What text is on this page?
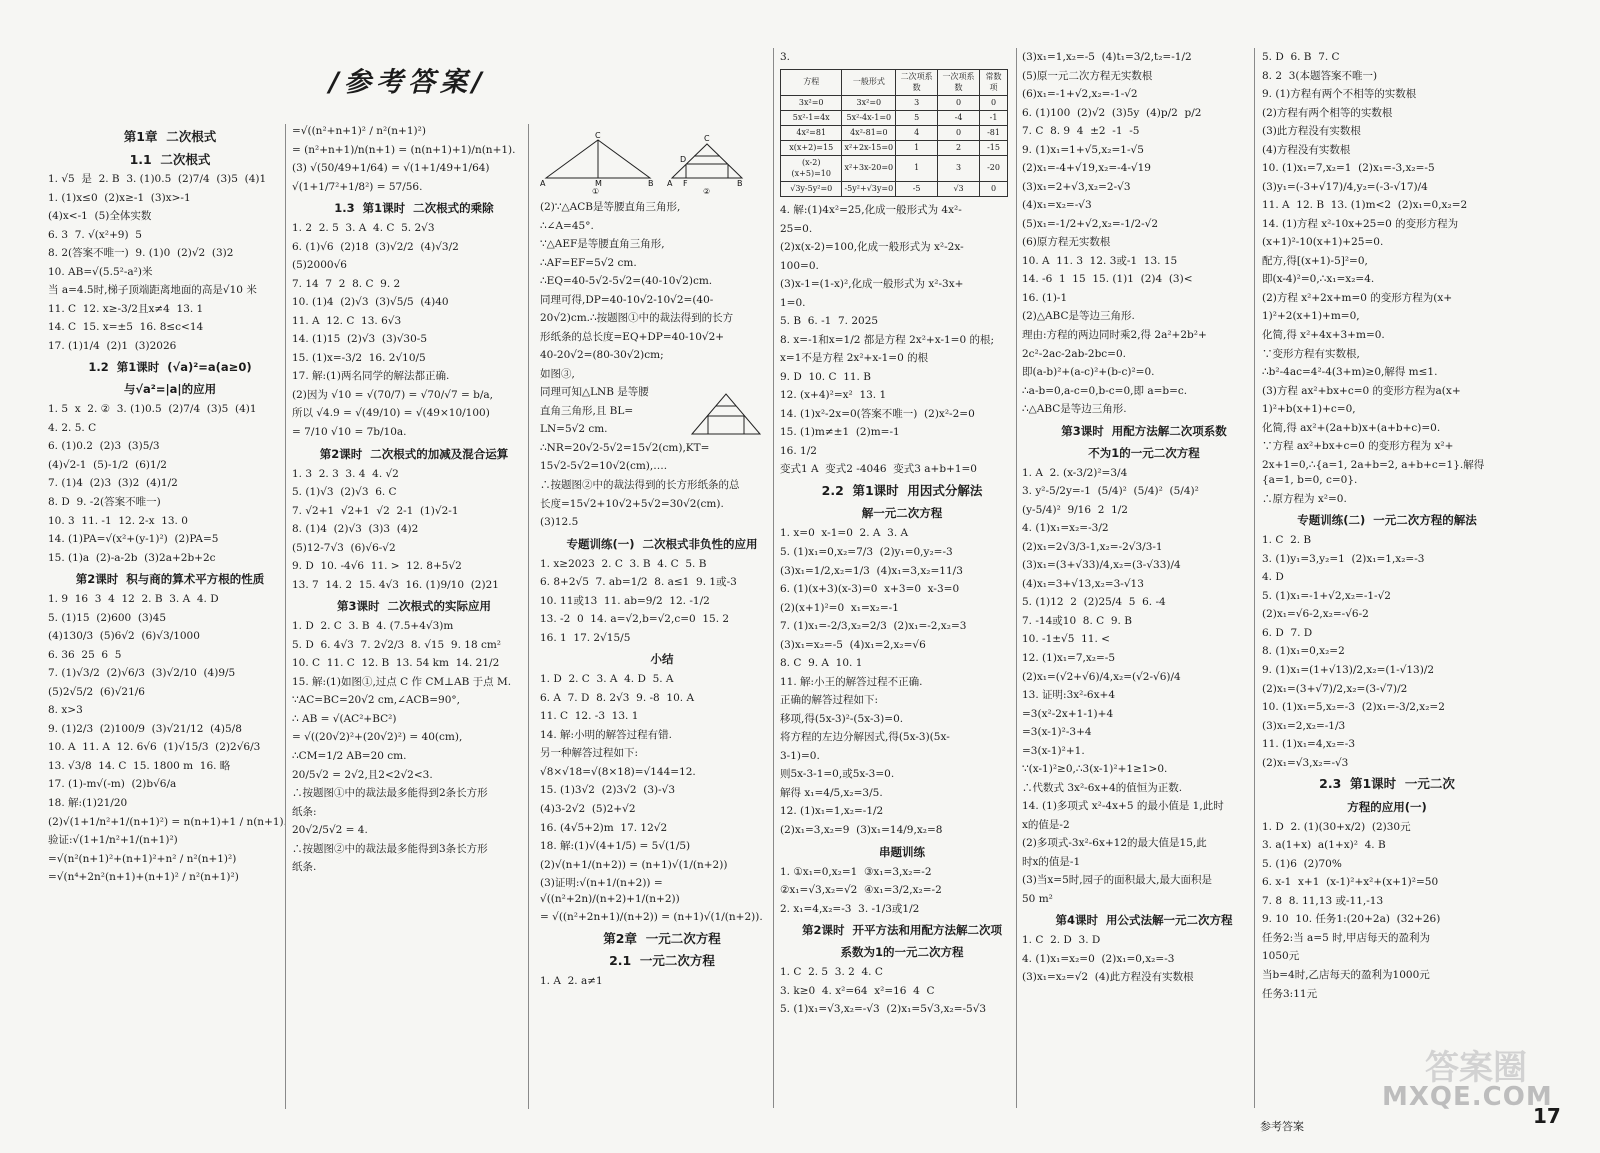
/参考答案/

第1章  二次根式

1.1  二次根式

1. √5  是  2. B  3. (1)0.5  (2)7/4  (3)5  (4)1

1. (1)x≤0  (2)x≥-1  (3)x>-1

(4)x<-1  (5)全体实数

6. 3  7. √(x²+9)  5

8. 2(答案不唯一)  9. (1)0  (2)√2  (3)2

10. AB=√(5.5²-a²)米

当 a=4.5时,梯子顶端距离地面的高是√10 米

11. C  12. x≥-3/2且x≠4  13. 1

14. C  15. x=±5  16. 8≤c<14

17. (1)1/4  (2)1  (3)2026

1.2  第1课时  (√a)²=a(a≥0)

与√a²=|a|的应用

1. 5  x  2. ②  3. (1)0.5  (2)7/4  (3)5  (4)1

4. 2. 5. C

6. (1)0.2  (2)3  (3)5/3

(4)√2-1  (5)-1/2  (6)1/2

7. (1)4  (2)3  (3)2  (4)1/2

8. D  9. -2(答案不唯一)

10. 3  11. -1  12. 2-x  13. 0

14. (1)PA=√(x²+(y-1)²)  (2)PA=5

15. (1)a  (2)-a-2b  (3)2a+2b+2c

第2课时  积与商的算术平方根的性质

1. 9  16  3  4  12  2. B  3. A  4. D

5. (1)15  (2)600  (3)45

(4)130/3  (5)6√2  (6)√3/1000

6. 36  25  6  5

7. (1)√3/2  (2)√6/3  (3)√2/10  (4)9/5

(5)2√5/2  (6)√21/6

8. x>3

9. (1)2/3  (2)100/9  (3)√21/12  (4)5/8

10. A  11. A  12. 6√6  (1)√15/3  (2)2√6/3

13. √3/8  14. C  15. 1800 m  16. 略

17. (1)-m√(-m)  (2)b√6/a

18. 解:(1)21/20

(2)√(1+1/n²+1/(n+1)²) = n(n+1)+1 / n(n+1).

验证:√(1+1/n²+1/(n+1)²)

=√(n²(n+1)²+(n+1)²+n² / n²(n+1)²)

=√(n⁴+2n²(n+1)+(n+1)² / n²(n+1)²)

=√((n²+n+1)² / n²(n+1)²)

= (n²+n+1)/n(n+1) = (n(n+1)+1)/n(n+1).

(3) √(50/49+1/64) = √(1+1/49+1/64)

√(1+1/7²+1/8²) = 57/56.

1.3  第1课时  二次根式的乘除

1. 2  2. 5  3. A  4. C  5. 2√3

6. (1)√6  (2)18  (3)√2/2  (4)√3/2

(5)2000√6

7. 14  7  2  8. C  9. 2

10. (1)4  (2)√3  (3)√5/5  (4)40

11. A  12. C  13. 6√3

14. (1)15  (2)√3  (3)√30-5

15. (1)x=-3/2  16. 2√10/5

17. 解:(1)两名同学的解法都正确.

(2)因为 √10 = √(70/7) = √70/√7 = b/a,

所以 √4.9 = √(49/10) = √(49×10/100)

= 7/10 √10 = 7b/10a.

第2课时  二次根式的加减及混合运算

1. 3  2. 3  3. 4  4. √2

5. (1)√3  (2)√3  6. C

7. √2+1  √2+1  √2  2-1  (1)√2-1

8. (1)4  (2)√3  (3)3  (4)2

(5)12-7√3  (6)√6-√2

9. D  10. -4√6  11. >  12. 8+5√2

13. 7  14. 2  15. 4√3  16. (1)9/10  (2)21

第3课时  二次根式的实际应用

1. D  2. C  3. B  4. (7.5+4√3)m

5. D  6. 4√3  7. 2√2/3  8. √15  9. 18 cm²

10. C  11. C  12. B  13. 54 km  14. 21/2

15. 解:(1)如图①,过点 C 作 CM⊥AB 于点 M.

∵AC=BC=20√2 cm,∠ACB=90°,

∴ AB = √(AC²+BC²)

= √((20√2)²+(20√2)²) = 40(cm),

∴CM=1/2 AB=20 cm.

20/5√2 = 2√2,且2<2√2<3.

∴按题图①中的裁法最多能得到2条长方形

纸条:

20√2/5√2 = 4.

∴按题图②中的裁法最多能得到3条长方形

纸条.

C
A	M	B
①
C
D
A F	B
②

(2)∵△ACB是等腰直角三角形,

∴∠A=45°.

∵△AEF是等腰直角三角形,

∴AF=EF=5√2 cm.

∴EQ=40-5√2-5√2=(40-10√2)cm.

同理可得,DP=40-10√2-10√2=(40-

20√2)cm.∴按题图①中的裁法得到的长方

形纸条的总长度=EQ+DP=40-10√2+

40-20√2=(80-30√2)cm;

如图③,

同理可知△LNB 是等腰

直角三角形,且 BL=

LN=5√2 cm.

∴NR=20√2-5√2=15√2(cm),KT=

15√2-5√2=10√2(cm),….

∴按题图②中的裁法得到的长方形纸条的总

长度=15√2+10√2+5√2=30√2(cm).

(3)12.5

专题训练(一)  二次根式非负性的应用

1. x≥2023  2. C  3. B  4. C  5. B

6. 8+2√5  7. ab=1/2  8. a≤1  9. 1或-3

10. 11或13  11. ab=9/2  12. -1/2

13. -2  0  14. a=√2,b=√2,c=0  15. 2

16. 1  17. 2√15/5

小结

1. D  2. C  3. A  4. D  5. A

6. A  7. D  8. 2√3  9. -8  10. A

11. C  12. -3  13. 1

14. 解:小明的解答过程有错.

另一种解答过程如下:

√8×√18=√(8×18)=√144=12.

15. (1)3√2  (2)3√2  (3)-√3

(4)3-2√2  (5)2+√2

16. (4√5+2)m  17. 12√2

18. 解:(1)√(4+1/5) = 5√(1/5)

(2)√(n+1/(n+2)) = (n+1)√(1/(n+2))

(3)证明:√(n+1/(n+2)) = √((n²+2n)/(n+2)+1/(n+2))

= √((n²+2n+1)/(n+2)) = (n+1)√(1/(n+2)).

第2章  一元二次方程

2.1  一元二次方程

1. A  2. a≠1

3.

方程	一般形式	二次项系数	一次项系数	常数项
3x²=0	3x²=0	3	0	0
5x²-1=4x	5x²-4x-1=0	5	-4	-1
4x²=81	4x²-81=0	4	0	-81
x(x+2)=15	x²+2x-15=0	1	2	-15
(x-2)(x+5)=10	x²+3x-20=0	1	3	-20
√3y-5y²=0	-5y²+√3y=0	-5	√3	0

4. 解:(1)4x²=25,化成一般形式为 4x²-

25=0.

(2)x(x-2)=100,化成一般形式为 x²-2x-

100=0.

(3)x-1=(1-x)²,化成一般形式为 x²-3x+

1=0.

5. B  6. -1  7. 2025

8. x=-1和x=1/2 都是方程 2x²+x-1=0 的根;

x=1不是方程 2x²+x-1=0 的根

9. D  10. C  11. B

12. (x+4)²=x²  13. 1

14. (1)x²-2x=0(答案不唯一)  (2)x²-2=0

15. (1)m≠±1  (2)m=-1

16. 1/2

变式1 A  变式2 -4046  变式3 a+b+1=0

2.2  第1课时  用因式分解法

解一元二次方程

1. x=0  x-1=0  2. A  3. A

5. (1)x₁=0,x₂=7/3  (2)y₁=0,y₂=-3

(3)x₁=1/2,x₂=1/3  (4)x₁=3,x₂=11/3

6. (1)(x+3)(x-3)=0  x+3=0  x-3=0

(2)(x+1)²=0  x₁=x₂=-1

7. (1)x₁=-2/3,x₂=2/3  (2)x₁=-2,x₂=3

(3)x₁=x₂=-5  (4)x₁=2,x₂=√6

8. C  9. A  10. 1

11. 解:小王的解答过程不正确.

正确的解答过程如下:

移项,得(5x-3)²-(5x-3)=0.

将方程的左边分解因式,得(5x-3)(5x-

3-1)=0.

则5x-3-1=0,或5x-3=0.

解得 x₁=4/5,x₂=3/5.

12. (1)x₁=1,x₂=-1/2

(2)x₁=3,x₂=9  (3)x₁=14/9,x₂=8

串题训练

1. ①x₁=0,x₂=1  ③x₁=3,x₂=-2

②x₁=√3,x₂=√2  ④x₁=3/2,x₂=-2

2. x₁=4,x₂=-3  3. -1/3或1/2

第2课时  开平方法和用配方法解二次项

系数为1的一元二次方程

1. C  2. 5  3. 2  4. C

3. k≥0  4. x²=64  x²=16  4  C

5. (1)x₁=√3,x₂=-√3  (2)x₁=5√3,x₂=-5√3

(3)x₁=1,x₂=-5  (4)t₁=3/2,t₂=-1/2

(5)原一元二次方程无实数根

(6)x₁=-1+√2,x₂=-1-√2

6. (1)100  (2)√2  (3)5y  (4)p/2  p/2

7. C  8. 9  4  ±2  -1  -5

9. (1)x₁=1+√5,x₂=1-√5

(2)x₁=-4+√19,x₂=-4-√19

(3)x₁=2+√3,x₂=2-√3

(4)x₁=x₂=-√3

(5)x₁=-1/2+√2,x₂=-1/2-√2

(6)原方程无实数根

10. A  11. 3  12. 3或-1  13. 15

14. -6  1  15  15. (1)1  (2)4  (3)<

16. (1)-1

(2)△ABC是等边三角形.

理由:方程的两边同时乘2,得 2a²+2b²+

2c²-2ac-2ab-2bc=0.

即(a-b)²+(a-c)²+(b-c)²=0.

∴a-b=0,a-c=0,b-c=0,即 a=b=c.

∴△ABC是等边三角形.

第3课时  用配方法解二次项系数

不为1的一元二次方程

1. A  2. (x-3/2)²=3/4

3. y²-5/2y=-1  (5/4)²  (5/4)²  (5/4)²

(y-5/4)²  9/16  2  1/2

4. (1)x₁=x₂=-3/2

(2)x₁=2√3/3-1,x₂=-2√3/3-1

(3)x₁=(3+√33)/4,x₂=(3-√33)/4

(4)x₁=3+√13,x₂=3-√13

5. (1)12  2  (2)25/4  5  6. -4

7. -14或10  8. C  9. B

10. -1±√5  11. <

12. (1)x₁=7,x₂=-5

(2)x₁=(√2+√6)/4,x₂=(√2-√6)/4

13. 证明:3x²-6x+4

=3(x²-2x+1-1)+4

=3(x-1)²-3+4

=3(x-1)²+1.

∵(x-1)²≥0,∴3(x-1)²+1≥1>0.

∴代数式 3x²-6x+4的值恒为正数.

14. (1)多项式 x²-4x+5 的最小值是 1,此时

x的值是-2

(2)多项式-3x²-6x+12的最大值是15,此

时x的值是-1

(3)当x=5时,园子的面积最大,最大面积是

50 m²

第4课时  用公式法解一元二次方程

1. C  2. D  3. D

4. (1)x₁=x₂=0  (2)x₁=0,x₂=-3

(3)x₁=x₂=√2  (4)此方程没有实数根

5. D  6. B  7. C

8. 2  3(本题答案不唯一)

9. (1)方程有两个不相等的实数根

(2)方程有两个相等的实数根

(3)此方程没有实数根

(4)方程没有实数根

10. (1)x₁=7,x₂=1  (2)x₁=-3,x₂=-5

(3)y₁=(-3+√17)/4,y₂=(-3-√17)/4

11. A  12. B  13. (1)m<2  (2)x₁=0,x₂=2

14. (1)方程 x²-10x+25=0 的变形方程为

(x+1)²-10(x+1)+25=0.

配方,得[(x+1)-5]²=0,

即(x-4)²=0,∴x₁=x₂=4.

(2)方程 x²+2x+m=0 的变形方程为(x+

1)²+2(x+1)+m=0,

化简,得 x²+4x+3+m=0.

∵变形方程有实数根,

∴b²-4ac=4²-4(3+m)≥0,解得 m≤1.

(3)方程 ax²+bx+c=0 的变形方程为a(x+

1)²+b(x+1)+c=0,

化简,得 ax²+(2a+b)x+(a+b+c)=0.

∵方程 ax²+bx+c=0 的变形方程为 x²+

2x+1=0,∴{a=1, 2a+b=2, a+b+c=1}.解得{a=1, b=0, c=0}.

∴原方程为 x²=0.

专题训练(二)  一元二次方程的解法

1. C  2. B

3. (1)y₁=3,y₂=1  (2)x₁=1,x₂=-3

4. D

5. (1)x₁=-1+√2,x₂=-1-√2

(2)x₁=√6-2,x₂=-√6-2

6. D  7. D

8. (1)x₁=0,x₂=2

9. (1)x₁=(1+√13)/2,x₂=(1-√13)/2

(2)x₁=(3+√7)/2,x₂=(3-√7)/2

10. (1)x₁=5,x₂=-3  (2)x₁=-3/2,x₂=2

(3)x₁=2,x₂=-1/3

11. (1)x₁=4,x₂=-3

(2)x₁=√3,x₂=-√3

2.3  第1课时  一元二次

方程的应用(一)

1. D  2. (1)(30+x/2)  (2)30元

3. a(1+x)  a(1+x)²  4. B

5. (1)6  (2)70%

6. x-1  x+1  (x-1)²+x²+(x+1)²=50

7. 8  8. 11,13 或-11,-13

9. 10  10. 任务1:(20+2a)  (32+26)

任务2:当 a=5 时,甲店每天的盈利为

1050元

当b=4时,乙店每天的盈利为1000元

任务3:11元

答案圈
MXQE.COM
参考答案	17
